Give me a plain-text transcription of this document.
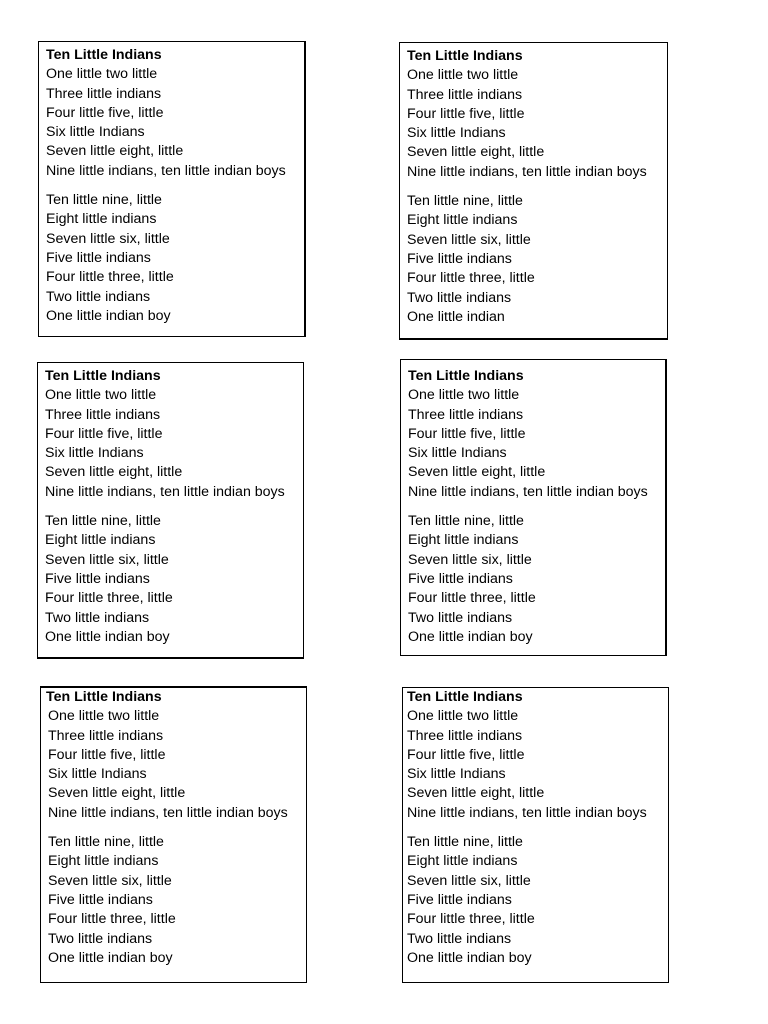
Ten Little Indians
One little two little
Three little indians
Four little five, little
Six little Indians
Seven little eight, little
Nine little indians, ten little indian boys
Ten little nine, little
Eight little indians
Seven little six, little
Five little indians
Four little three, little
Two little indians
One little indian boy
Ten Little Indians
One little two little
Three little indians
Four little five, little
Six little Indians
Seven little eight, little
Nine little indians, ten little indian boys
Ten little nine, little
Eight little indians
Seven little six, little
Five little indians
Four little three, little
Two little indians
One little indian
Ten Little Indians
One little two little
Three little indians
Four little five, little
Six little Indians
Seven little eight, little
Nine little indians, ten little indian boys
Ten little nine, little
Eight little indians
Seven little six, little
Five little indians
Four little three, little
Two little indians
One little indian boy
Ten Little Indians
One little two little
Three little indians
Four little five, little
Six little Indians
Seven little eight, little
Nine little indians, ten little indian boys
Ten little nine, little
Eight little indians
Seven little six, little
Five little indians
Four little three, little
Two little indians
One little indian boy
Ten Little Indians
One little two little
Three little indians
Four little five, little
Six little Indians
Seven little eight, little
Nine little indians, ten little indian boys
Ten little nine, little
Eight little indians
Seven little six, little
Five little indians
Four little three, little
Two little indians
One little indian boy
Ten Little Indians
One little two little
Three little indians
Four little five, little
Six little Indians
Seven little eight, little
Nine little indians, ten little indian boys
Ten little nine, little
Eight little indians
Seven little six, little
Five little indians
Four little three, little
Two little indians
One little indian boy
